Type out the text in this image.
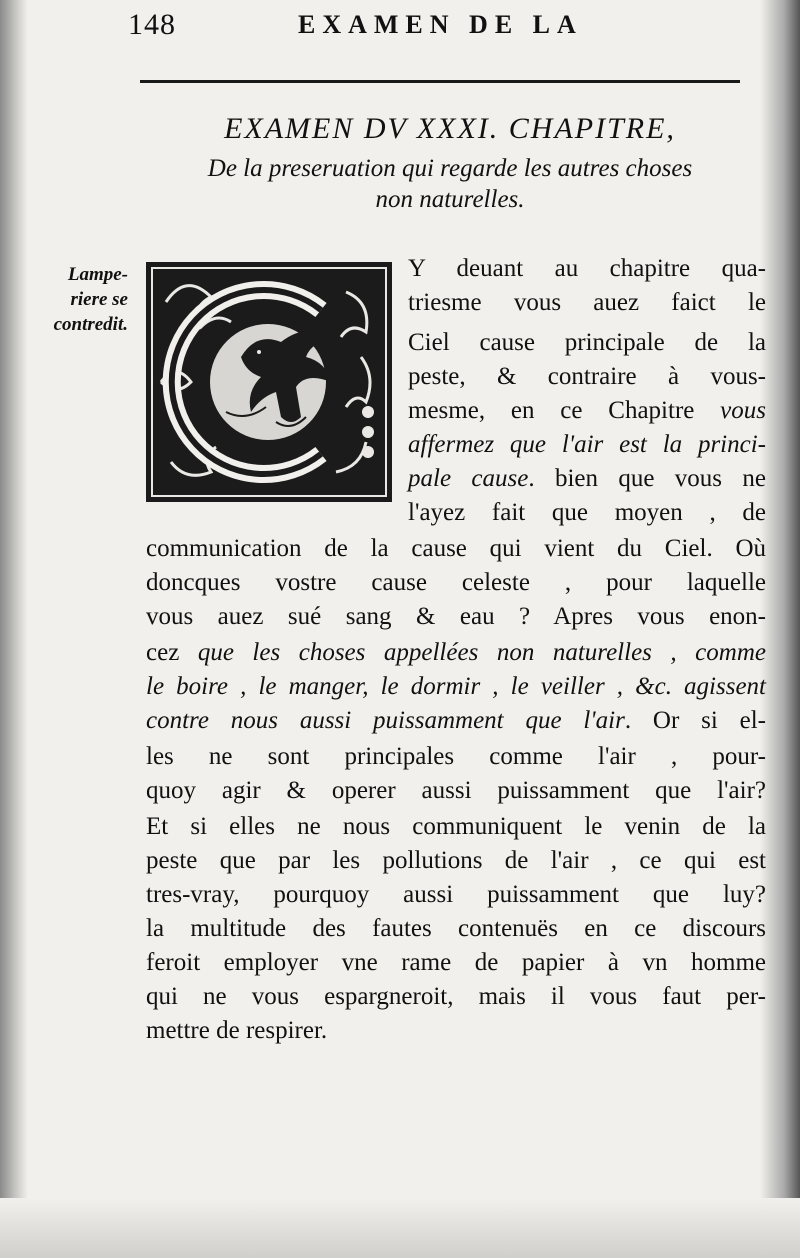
148	EXAMEN DE LA
EXAMEN DV XXXI. CHAPITRE,
De la preseruation qui regarde les autres choses
non naturelles.
Lampe-
riere se
contredit.
Y deuant au chapitre qua-
triesme vous auez faict le
Ciel cause principale de la
peste, & contraire à vous-
mesme, en ce Chapitre vous
affermez que l'air est la princi-
pale cause. bien que vous ne
l'ayez fait que moyen , de
communication de la cause qui vient du Ciel. Où
doncques vostre cause celeste , pour laquelle
vous auez sué sang & eau ? Apres vous enon-
cez que les choses appellées non naturelles , comme
le boire , le manger, le dormir , le veiller , &c. agissent
contre nous aussi puissamment que l'air. Or si el-
les ne sont principales comme l'air , pour-
quoy agir & operer aussi puissamment que l'air?
Et si elles ne nous communiquent le venin de la
peste que par les pollutions de l'air , ce qui est
tres-vray, pourquoy aussi puissamment que luy?
la multitude des fautes contenuës en ce discours
feroit employer vne rame de papier à vn homme
qui ne vous espargneroit, mais il vous faut per-
mettre de respirer.
